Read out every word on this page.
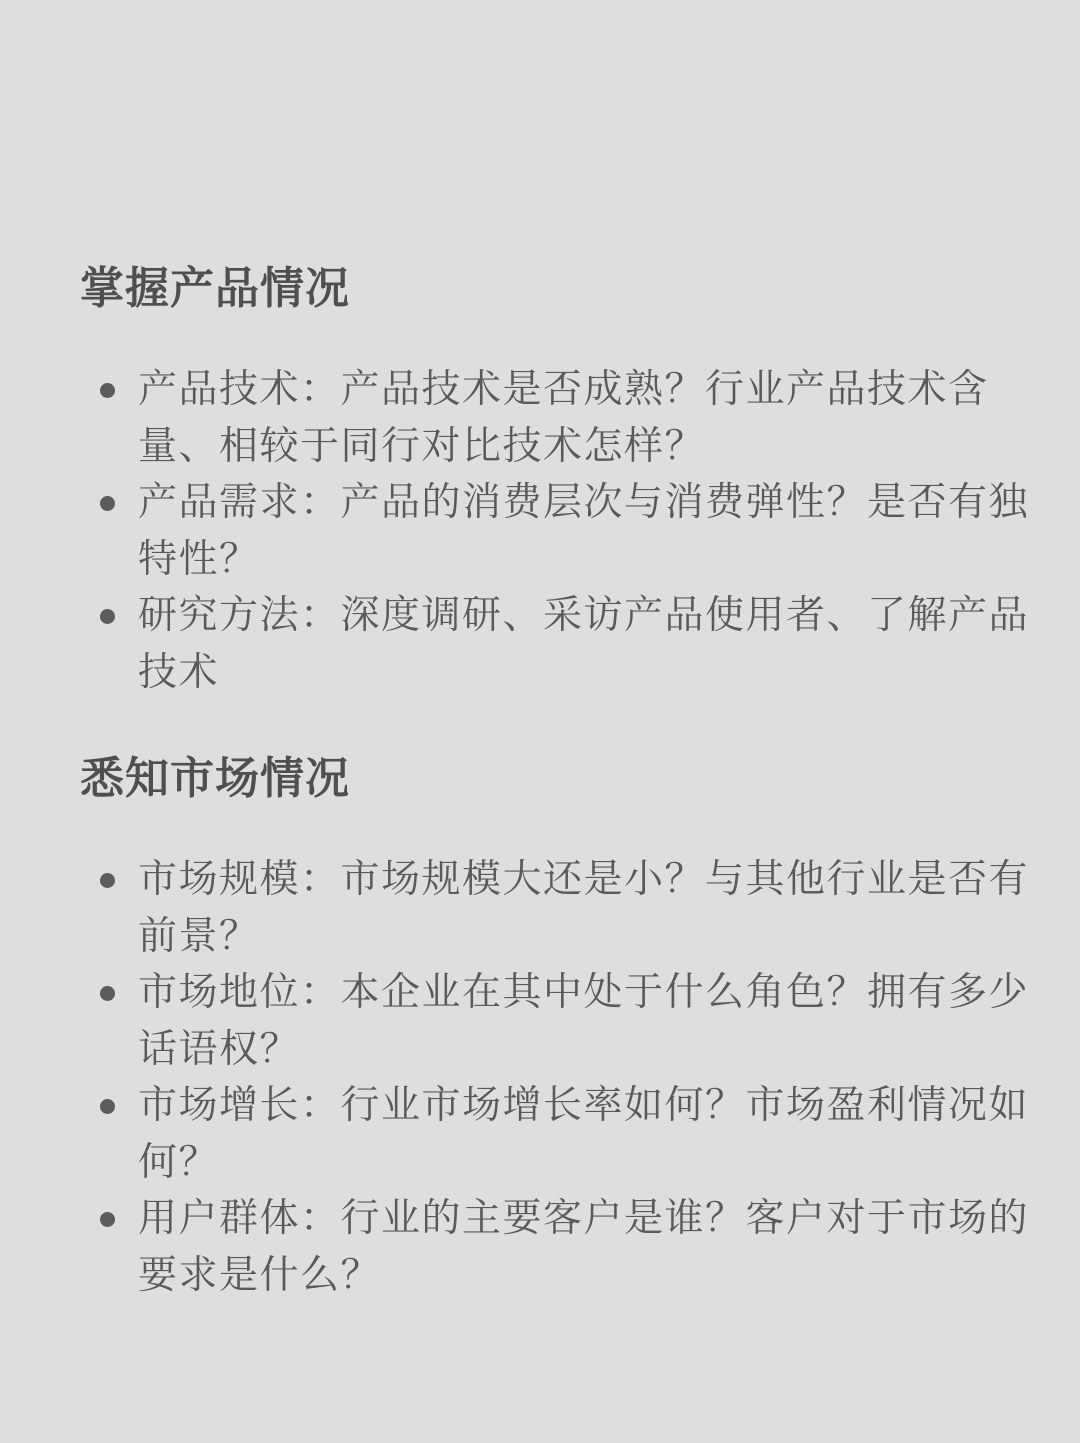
掌握产品情况
产品技术：产品技术是否成熟？行业产品技术含量、相较于同行对比技术怎样？
产品需求：产品的消费层次与消费弹性？是否有独特性？
研究方法：深度调研、采访产品使用者、了解产品技术
悉知市场情况
市场规模：市场规模大还是小？与其他行业是否有前景？
市场地位：本企业在其中处于什么角色？拥有多少话语权？
市场增长：行业市场增长率如何？市场盈利情况如何？
用户群体：行业的主要客户是谁？客户对于市场的要求是什么？
